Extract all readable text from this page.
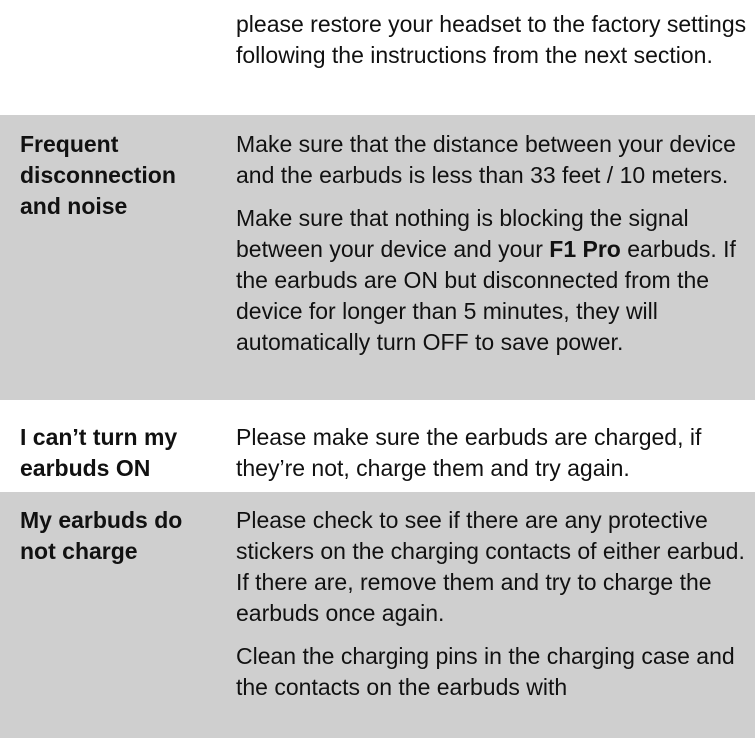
please restore your headset to the factory settings following the instructions from the next section.

Frequent disconnection and noise

Make sure that the distance between your device and the earbuds is less than 33 feet / 10 meters.

Make sure that nothing is blocking the signal between your device and your F1 Pro earbuds. If the earbuds are ON but disconnected from the device for longer than 5 minutes, they will automatically turn OFF to save power.

I can’t turn my earbuds ON

Please make sure the earbuds are charged, if they’re not, charge them and try again.

My earbuds do not charge

Please check to see if there are any protective stickers on the charging contacts of either earbud. If there are, remove them and try to charge the earbuds once again.

Clean the charging pins in the charging case and the contacts on the earbuds with
